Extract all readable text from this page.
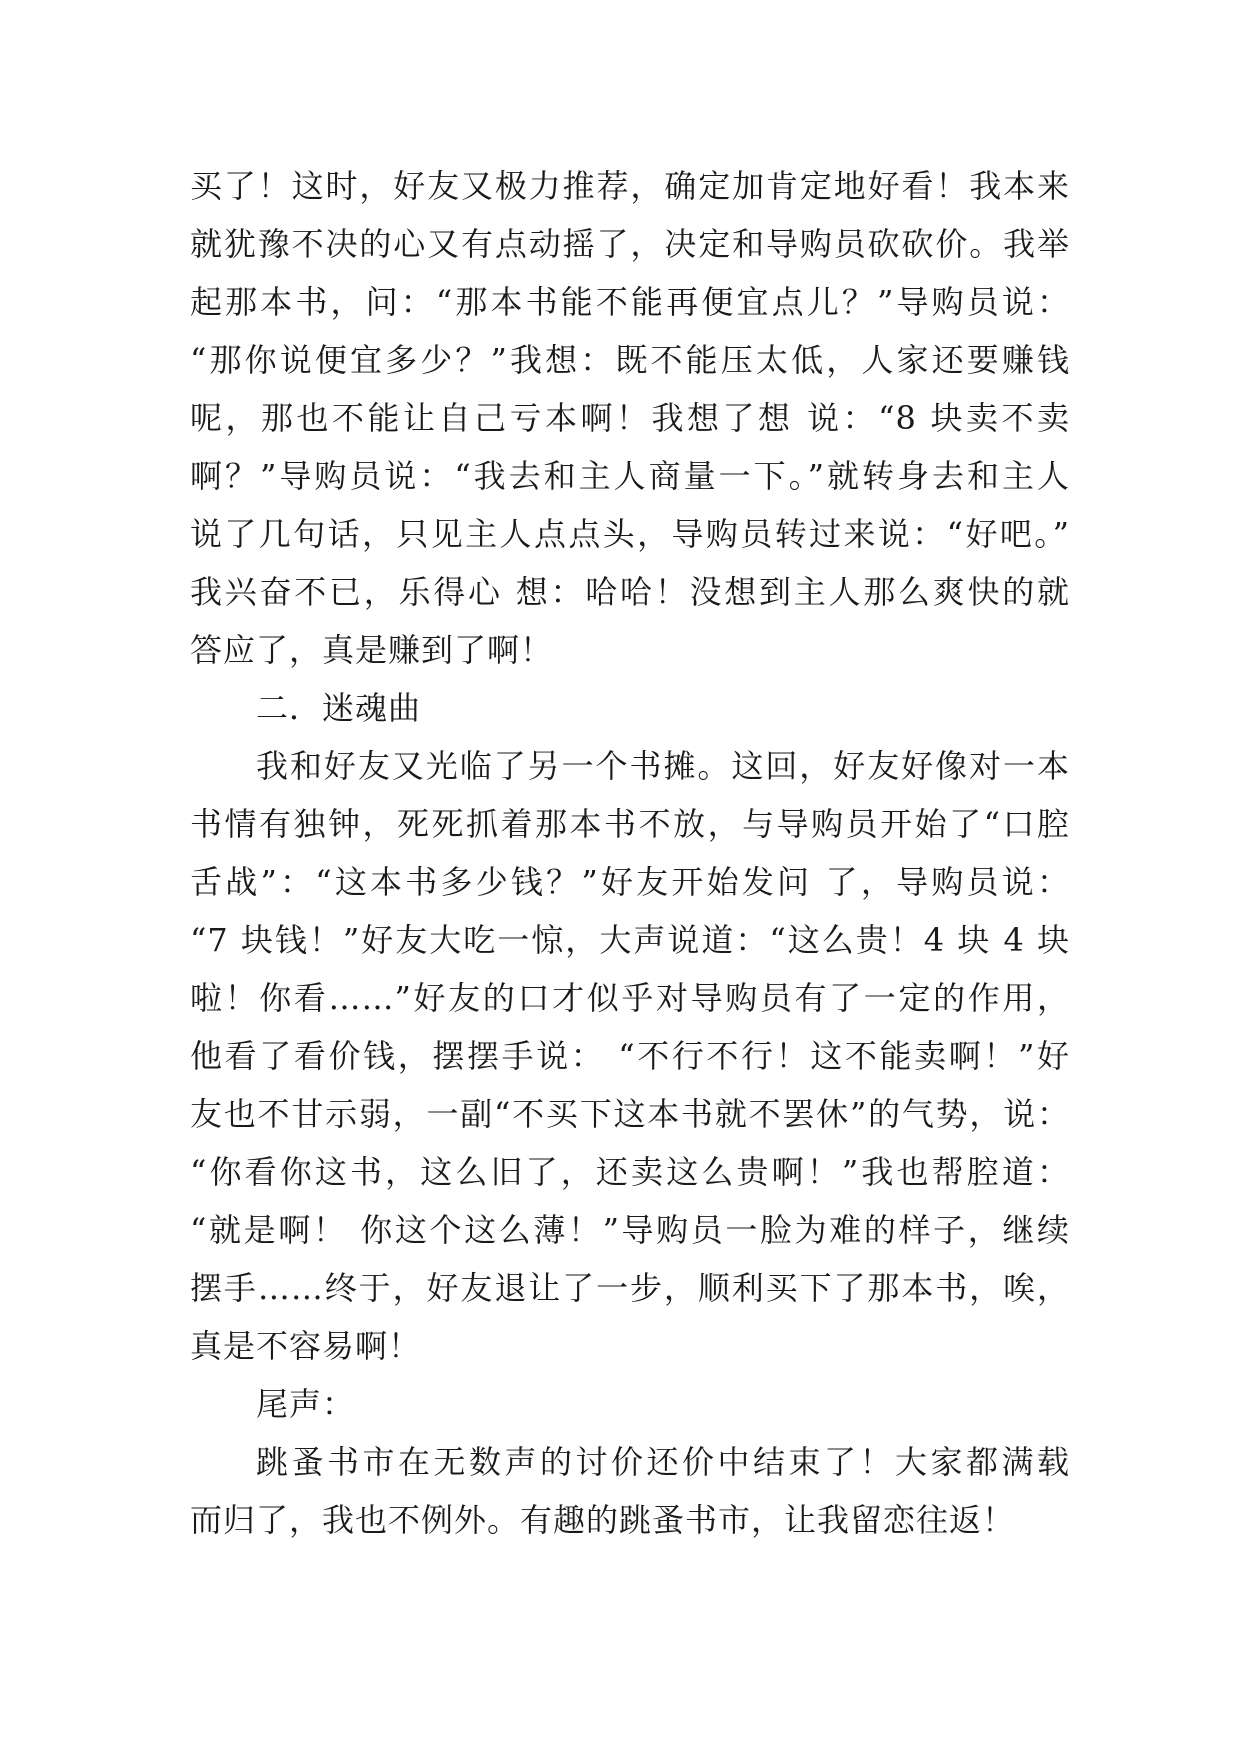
买了！这时，好友又极力推荐，确定加肯定地好看！我本来
就犹豫不决的心又有点动摇了，决定和导购员砍砍价。我举
起那本书，问：“那本书能不能再便宜点儿？”导购员说：
“那你说便宜多少？”我想：既不能压太低，人家还要赚钱
呢，那也不能让自己亏本啊！我想了想 说：“8 块卖不卖
啊？”导购员说：“我去和主人商量一下。”就转身去和主人
说了几句话，只见主人点点头，导购员转过来说：“好吧。”
我兴奋不已，乐得心 想：哈哈！没想到主人那么爽快的就
答应了，真是赚到了啊！
二．迷魂曲
我和好友又光临了另一个书摊。这回，好友好像对一本
书情有独钟，死死抓着那本书不放，与导购员开始了“口腔
舌战”：“这本书多少钱？”好友开始发问 了，导购员说：
“7 块钱！”好友大吃一惊，大声说道：“这么贵！4 块 4 块
啦！你看……”好友的口才似乎对导购员有了一定的作用，
他看了看价钱，摆摆手说： “不行不行！这不能卖啊！”好
友也不甘示弱，一副“不买下这本书就不罢休”的气势，说：
“你看你这书，这么旧了，还卖这么贵啊！”我也帮腔道：
“就是啊！ 你这个这么薄！”导购员一脸为难的样子，继续
摆手……终于，好友退让了一步，顺利买下了那本书，唉，
真是不容易啊！
尾声：
跳蚤书市在无数声的讨价还价中结束了！大家都满载
而归了，我也不例外。有趣的跳蚤书市，让我留恋往返！
